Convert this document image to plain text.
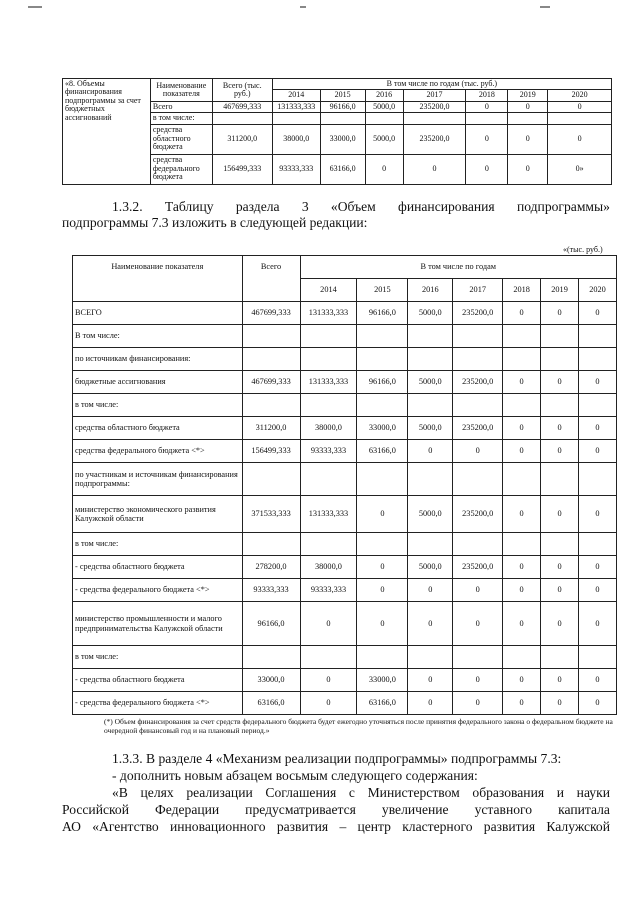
«8. Объемы финансирования подпрограммы за счет бюджетных ассигнований	Наименование показателя	Всего (тыс. руб.)	В том числе по годам (тыс. руб.)						
			2014	2015	2016	2017	2018	2019	2020
	Всего	467699,333	131333,333	96166,0	5000,0	235200,0	0	0	0
	в том числе:								
	средства областного бюджета	311200,0	38000,0	33000,0	5000,0	235200,0	0	0	0
	средства федерального бюджета	156499,333	93333,333	63166,0	0	0	0	0	0»
1.3.2. Таблицу раздела 3 «Объем финансирования подпрограммы»
подпрограммы 7.3 изложить в следующей редакции:
«(тыс. руб.)
Наименование показателя	Всего	В том числе по годам						
		2014	2015	2016	2017	2018	2019	2020
ВСЕГО	467699,333	131333,333	96166,0	5000,0	235200,0	0	0	0
В том числе:								
по источникам финансирования:								
бюджетные ассигнования	467699,333	131333,333	96166,0	5000,0	235200,0	0	0	0
в том числе:								
средства областного бюджета	311200,0	38000,0	33000,0	5000,0	235200,0	0	0	0
средства федерального бюджета <*>	156499,333	93333,333	63166,0	0	0	0	0	0
по участникам и источникам финансирования подпрограммы:								
министерство экономического развития Калужской области	371533,333	131333,333	0	5000,0	235200,0	0	0	0
в том числе:								
- средства областного бюджета	278200,0	38000,0	0	5000,0	235200,0	0	0	0
- средства федерального бюджета <*>	93333,333	93333,333	0	0	0	0	0	0
министерство промышленности и малого предпринимательства Калужской области	96166,0	0	0	0	0	0	0	0
в том числе:								
- средства областного бюджета	33000,0	0	33000,0	0	0	0	0	0
- средства федерального бюджета <*>	63166,0	0	63166,0	0	0	0	0	0
(*) Объем финансирования за счет средств федерального бюджета будет ежегодно уточняться после принятия федерального закона о федеральном бюджете на очередной финансовый год и на плановый период.»
1.3.3. В разделе 4 «Механизм реализации подпрограммы» подпрограммы 7.3:
- дополнить новым абзацем восьмым следующего содержания:
«В целях реализации Соглашения с Министерством образования и науки
Российской Федерации предусматривается увеличение уставного капитала
АО «Агентство инновационного развития – центр кластерного развития Калужской
